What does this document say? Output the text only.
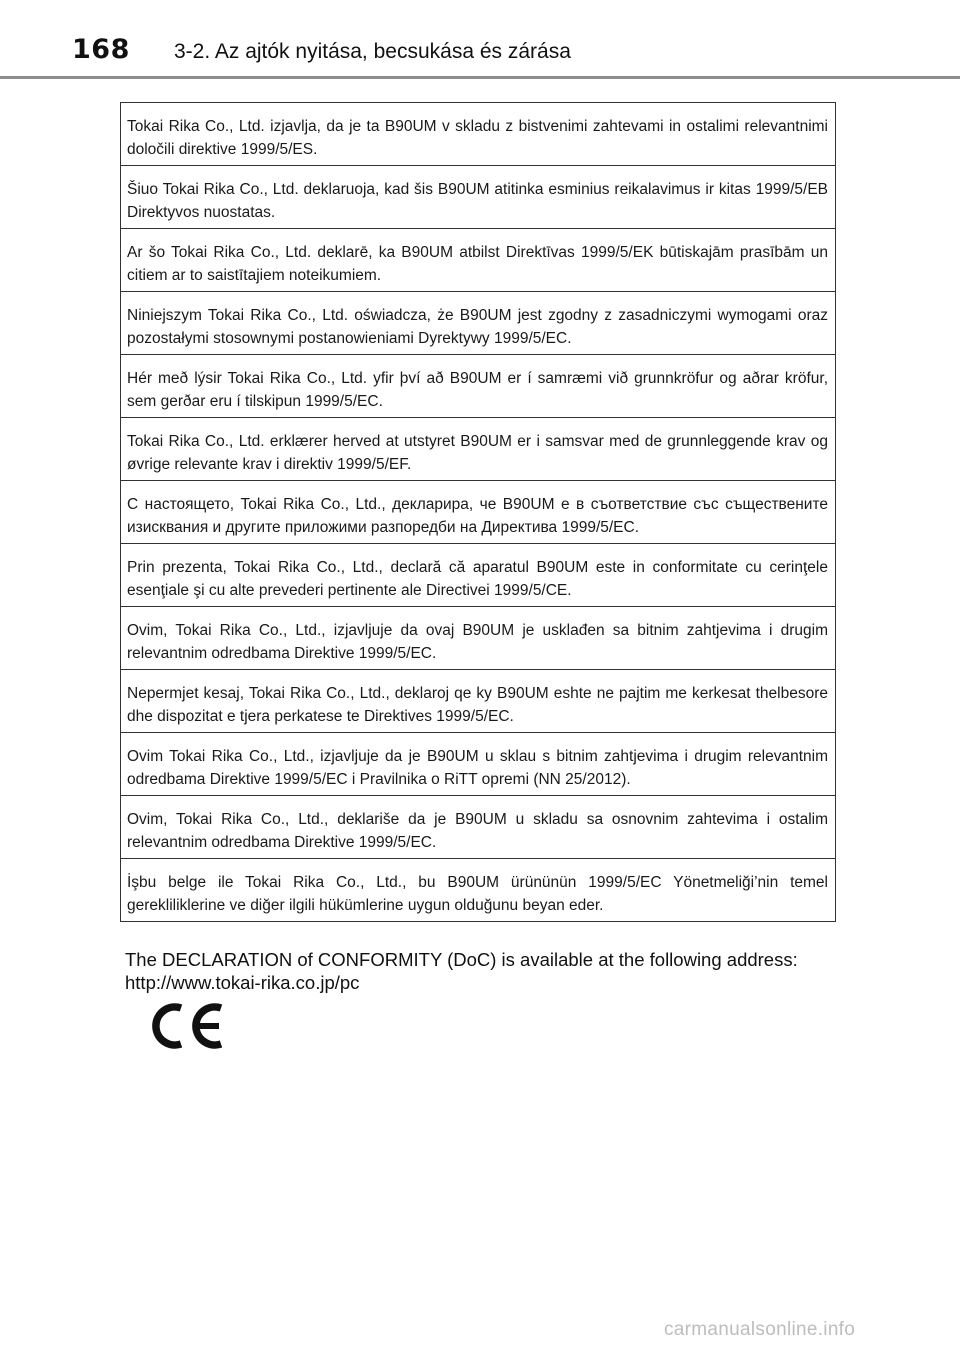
168 3-2. Az ajtók nyitása, becsukása és zárása
Tokai Rika Co., Ltd. izjavlja, da je ta B90UM v skladu z bistvenimi zahtevami in ostalimi relevantnimi določili direktive 1999/5/ES.
Šiuo Tokai Rika Co., Ltd. deklaruoja, kad šis B90UM atitinka esminius reikalavimus ir kitas 1999/5/EB Direktyvos nuostatas.
Ar šo Tokai Rika Co., Ltd. deklarē, ka B90UM atbilst Direktīvas 1999/5/EK būtiskajām prasībām un citiem ar to saistītajiem noteikumiem.
Niniejszym Tokai Rika Co., Ltd. oświadcza, że B90UM jest zgodny z zasadniczymi wymogami oraz pozostałymi stosownymi postanowieniami Dyrektywy 1999/5/EC.
Hér með lýsir Tokai Rika Co., Ltd. yfir því að B90UM er í samræmi við grunnkröfur og aðrar kröfur, sem gerðar eru í tilskipun 1999/5/EC.
Tokai Rika Co., Ltd. erklærer herved at utstyret B90UM er i samsvar med de grunnleggende krav og øvrige relevante krav i direktiv 1999/5/EF.
С настоящето, Tokai Rika Co., Ltd., декларира, че B90UM е в съответствие със съществените изисквания и другите приложими разпоредби на Директива 1999/5/EC.
Prin prezenta, Tokai Rika Co., Ltd., declară că aparatul B90UM este in conformitate cu cerinţele esenţiale şi cu alte prevederi pertinente ale Directivei 1999/5/CE.
Ovim, Tokai Rika Co., Ltd., izjavljuje da ovaj B90UM je usklađen sa bitnim zahtjevima i drugim relevantnim odredbama Direktive 1999/5/EC.
Nepermjet kesaj, Tokai Rika Co., Ltd., deklaroj qe ky B90UM eshte ne pajtim me kerkesat thelbesore dhe dispozitat e tjera perkatese te Direktives 1999/5/EC.
Ovim Tokai Rika Co., Ltd., izjavljuje da je B90UM u sklau s bitnim zahtjevima i drugim relevantnim odredbama Direktive 1999/5/EC i Pravilnika o RiTT opremi (NN 25/2012).
Ovim, Tokai Rika Co., Ltd., deklariše da je B90UM u skladu sa osnovnim zahtevima i ostalim relevantnim odredbama Direktive 1999/5/EC.
İşbu belge ile Tokai Rika Co., Ltd., bu B90UM ürününün 1999/5/EC Yönetmeliği’nin temel gerekliliklerine ve diğer ilgili hükümlerine uygun olduğunu beyan eder.
The DECLARATION of CONFORMITY (DoC) is available at the following address:
http://www.tokai-rika.co.jp/pc
carmanualsonline.info
